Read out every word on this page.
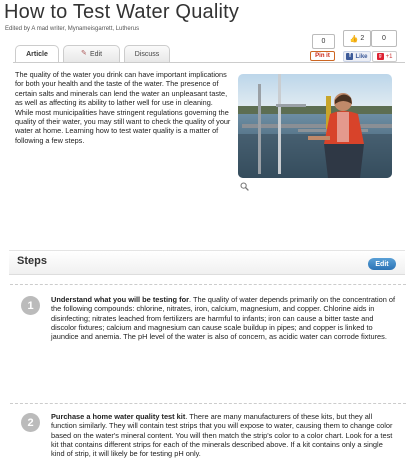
How to Test Water Quality
Edited by A mad writer, Mynameisgarrett, Lutherus
Article	✎ Edit	Discuss
0	👍 2	0
Pin it	f Like	g +1
The quality of the water you drink can have important implications for both your health and the taste of the water. The presence of certain salts and minerals can lend the water an unpleasant taste, as well as affecting its ability to lather well for use in cleaning. While most municipalities have stringent regulations governing the quality of their water, you may still want to check the quality of your water at home. Learning how to test water quality is a matter of following a few steps.
Steps	Edit
1	Understand what you will be testing for. The quality of water depends primarily on the concentration of the following compounds: chlorine, nitrates, iron, calcium, magnesium, and copper. Chlorine aids in disinfecting; nitrates leached from fertilizers are harmful to infants; iron can cause a bitter taste and discolor fixtures; calcium and magnesium can cause scale buildup in pipes; and copper is linked to jaundice and anemia. The pH level of the water is also of concern, as acidic water can corrode fixtures.
2	Purchase a home water quality test kit. There are many manufacturers of these kits, but they all function similarly. They will contain test strips that you will expose to water, causing them to change color based on the water's mineral content. You will then match the strip's color to a color chart. Look for a test kit that contains different strips for each of the minerals described above. If a kit contains only a single kind of strip, it will likely be for testing pH only.
